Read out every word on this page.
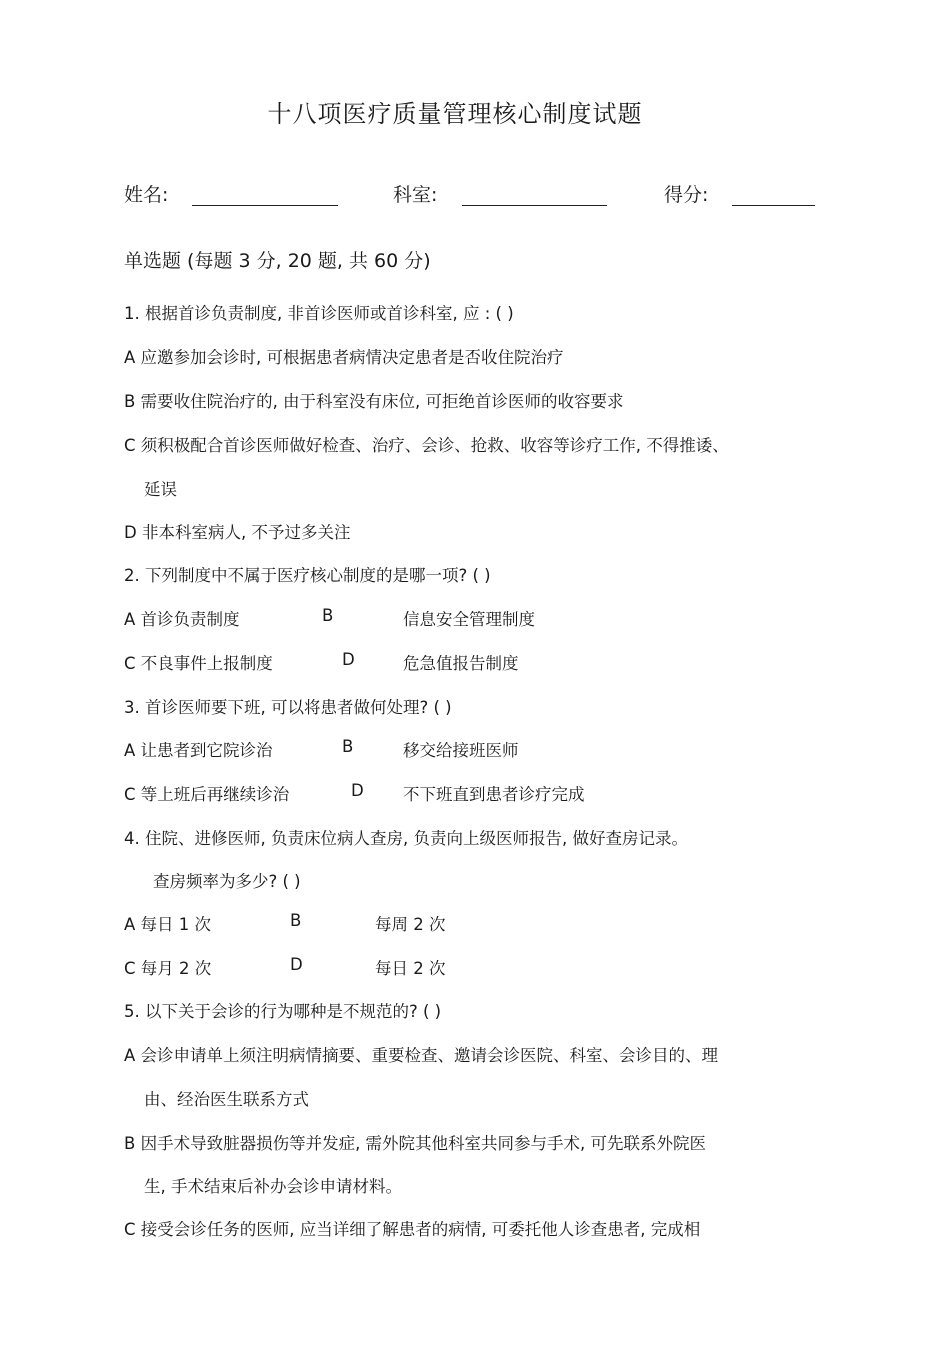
十八项医疗质量管理核心制度试题
姓名:	科室:	得分:
单选题 (每题 3 分, 20 题, 共 60 分)
1. 根据首诊负责制度, 非首诊医师或首诊科室, 应 : ( )
A 应邀参加会诊时, 可根据患者病情决定患者是否收住院治疗
B 需要收住院治疗的, 由于科室没有床位, 可拒绝首诊医师的收容要求
C 须积极配合首诊医师做好检查、治疗、会诊、抢救、收容等诊疗工作, 不得推诿、
延误
D 非本科室病人, 不予过多关注
2. 下列制度中不属于医疗核心制度的是哪一项? ( )
A 首诊负责制度	B	信息安全管理制度
C 不良事件上报制度	D	危急值报告制度
3. 首诊医师要下班, 可以将患者做何处理? ( )
A 让患者到它院诊治	B	移交给接班医师
C 等上班后再继续诊治	D 不下班直到患者诊疗完成
4. 住院、进修医师, 负责床位病人查房, 负责向上级医师报告, 做好查房记录。
查房频率为多少? ( )
A 每日 1 次	B	每周 2 次
C 每月 2 次	D	每日 2 次
5. 以下关于会诊的行为哪种是不规范的? ( )
A 会诊申请单上须注明病情摘要、重要检查、邀请会诊医院、科室、会诊目的、理
由、经治医生联系方式
B 因手术导致脏器损伤等并发症, 需外院其他科室共同参与手术, 可先联系外院医
生, 手术结束后补办会诊申请材料。
C 接受会诊任务的医师, 应当详细了解患者的病情, 可委托他人诊查患者, 完成相
